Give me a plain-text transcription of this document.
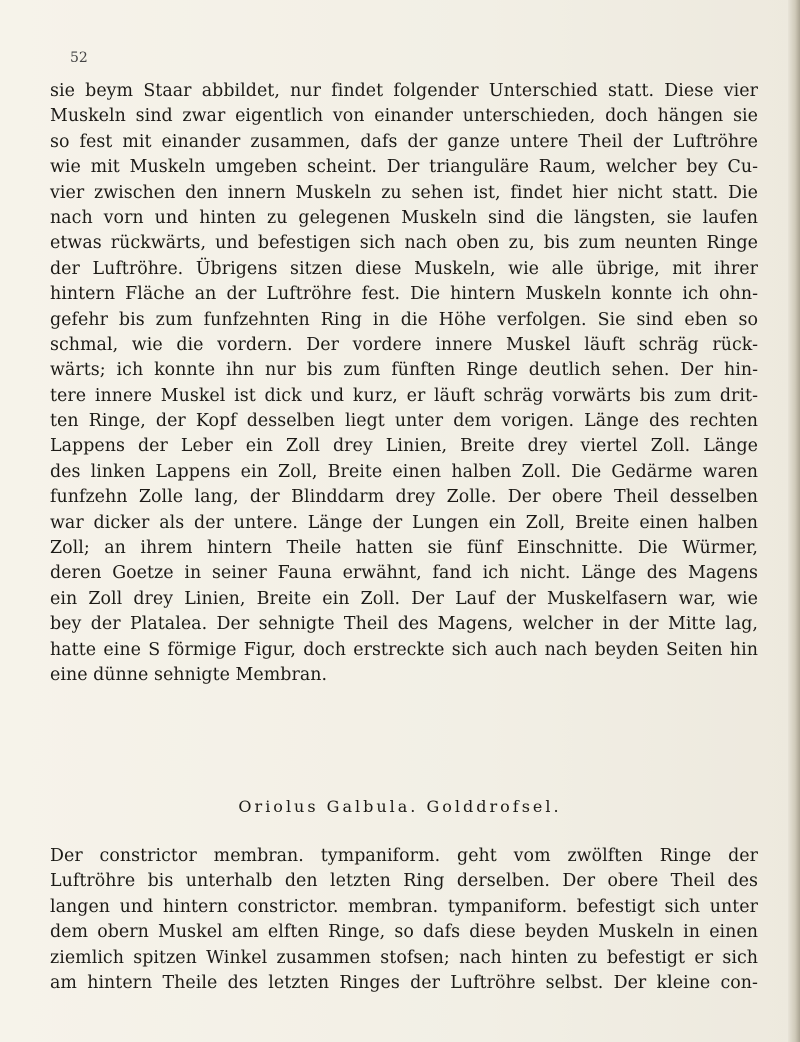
52
sie beym Staar abbildet, nur findet folgender Unterschied statt. Diese vier
Muskeln sind zwar eigentlich von einander unterschieden, doch hängen sie
so fest mit einander zusammen, dafs der ganze untere Theil der Luftröhre
wie mit Muskeln umgeben scheint. Der trianguläre Raum, welcher bey Cu-
vier zwischen den innern Muskeln zu sehen ist, findet hier nicht statt. Die
nach vorn und hinten zu gelegenen Muskeln sind die längsten, sie laufen
etwas rückwärts, und befestigen sich nach oben zu, bis zum neunten Ringe
der Luftröhre. Übrigens sitzen diese Muskeln, wie alle übrige, mit ihrer
hintern Fläche an der Luftröhre fest. Die hintern Muskeln konnte ich ohn-
gefehr bis zum funfzehnten Ring in die Höhe verfolgen. Sie sind eben so
schmal, wie die vordern. Der vordere innere Muskel läuft schräg rück-
wärts; ich konnte ihn nur bis zum fünften Ringe deutlich sehen. Der hin-
tere innere Muskel ist dick und kurz, er läuft schräg vorwärts bis zum drit-
ten Ringe, der Kopf desselben liegt unter dem vorigen. Länge des rechten
Lappens der Leber ein Zoll drey Linien, Breite drey viertel Zoll. Länge
des linken Lappens ein Zoll, Breite einen halben Zoll. Die Gedärme waren
funfzehn Zolle lang, der Blinddarm drey Zolle. Der obere Theil desselben
war dicker als der untere. Länge der Lungen ein Zoll, Breite einen halben
Zoll; an ihrem hintern Theile hatten sie fünf Einschnitte. Die Würmer,
deren Goetze in seiner Fauna erwähnt, fand ich nicht. Länge des Magens
ein Zoll drey Linien, Breite ein Zoll. Der Lauf der Muskelfasern war, wie
bey der Platalea. Der sehnigte Theil des Magens, welcher in der Mitte lag,
hatte eine S förmige Figur, doch erstreckte sich auch nach beyden Seiten hin
eine dünne sehnigte Membran.
Oriolus Galbula. Golddrofsel.
Der constrictor membran. tympaniform. geht vom zwölften Ringe der
Luftröhre bis unterhalb den letzten Ring derselben. Der obere Theil des
langen und hintern constrictor. membran. tympaniform. befestigt sich unter
dem obern Muskel am elften Ringe, so dafs diese beyden Muskeln in einen
ziemlich spitzen Winkel zusammen stofsen; nach hinten zu befestigt er sich
am hintern Theile des letzten Ringes der Luftröhre selbst. Der kleine con-
